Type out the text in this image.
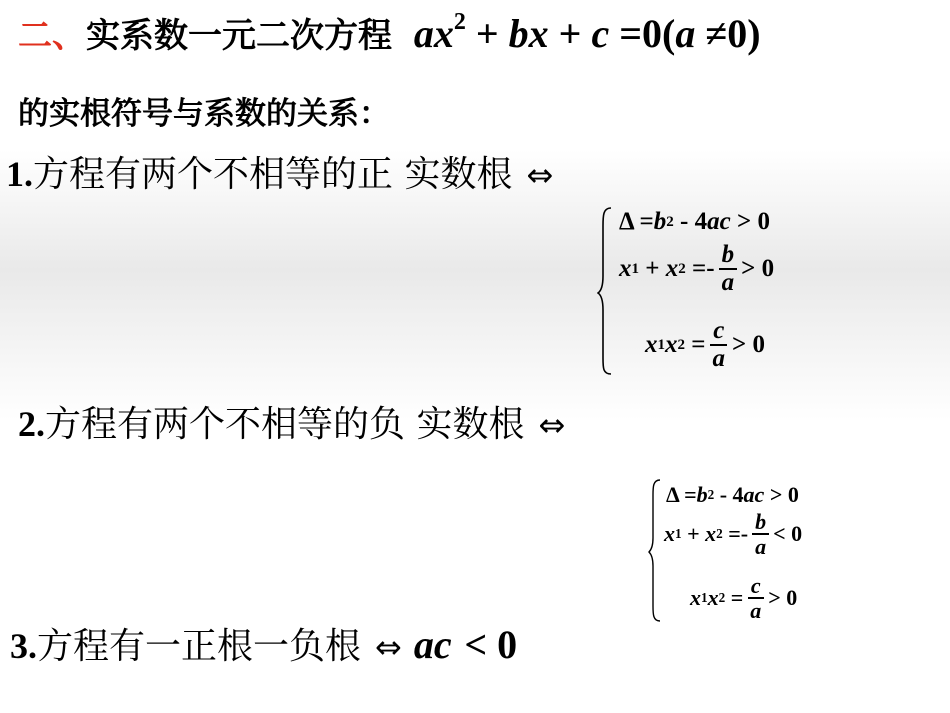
二、实系数一元二次方程 $ax^2$ + bx + c =0(a ≠0)
的实根符号与系数的关系：
1.方程有两个不相等的正 实数根 ⇔
Δ = b 2 - 4 ac > 0
x 1 + x $2 =- \frac{b}{a} > 0$
x 1 x $2 = \frac{c}{a} > 0$
2.方程有两个不相等的负 实数根 ⇔
Δ = b 2 - 4 ac > 0
x 1 + x $2 =- \frac{b}{a} < 0$
x 1 x $2 = \frac{c}{a} > 0$
3.方程有一正根一负根 ⇔ ac < 0
